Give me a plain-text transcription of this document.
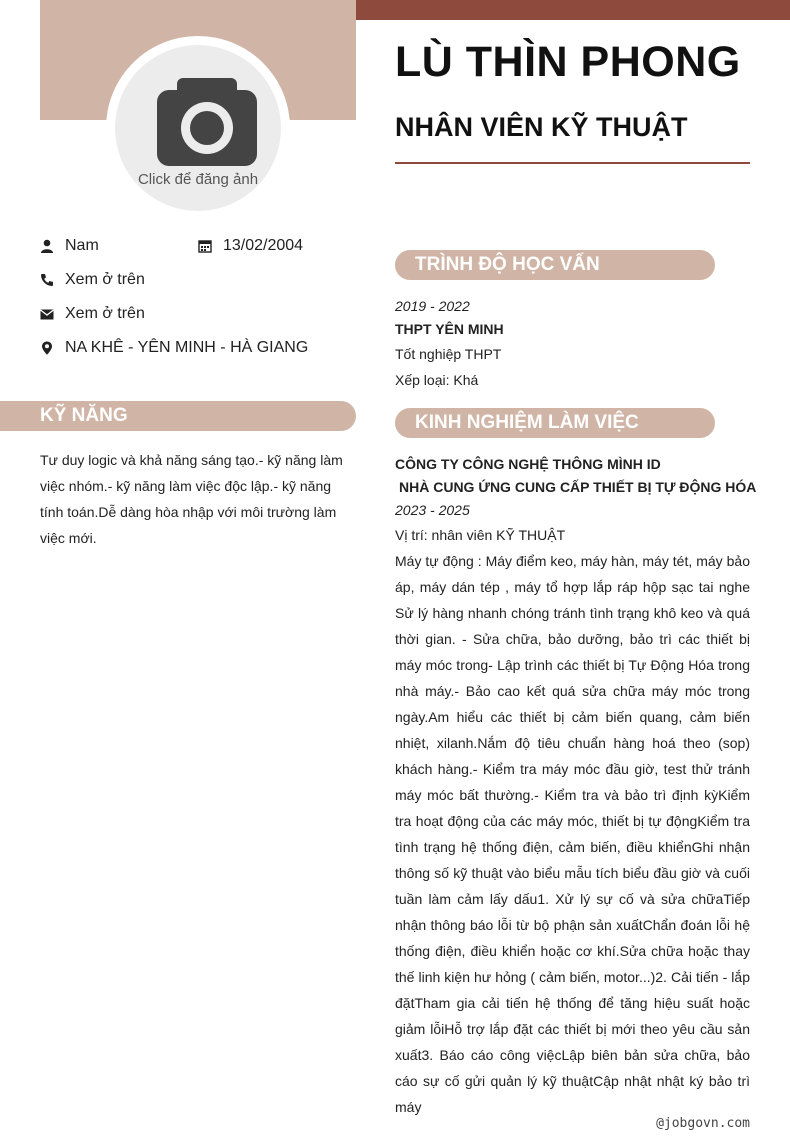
Click để đăng ảnh
LÙ THÌN PHONG
NHÂN VIÊN KỸ THUẬT
Nam	13/02/2004
Xem ở trên
Xem ở trên
NA KHÊ - YÊN MINH - HÀ GIANG
KỸ NĂNG
Tư duy logic và khả năng sáng tạo.- kỹ năng làm việc nhóm.- kỹ năng làm việc độc lập.- kỹ năng tính toán.Dễ dàng hòa nhập với môi trường làm việc mới.
TRÌNH ĐỘ HỌC VẤN
2019 - 2022
THPT YÊN MINH
Tốt nghiệp THPT
Xếp loại: Khá
KINH NGHIỆM LÀM VIỆC
CÔNG TY CÔNG NGHỆ THÔNG MÌNH ID
NHÀ CUNG ỨNG CUNG CẤP THIẾT BỊ TỰ ĐỘNG HÓA
2023 - 2025
Vị trí: nhân viên KỸ THUẬT
Máy tự động : Máy điểm keo, máy hàn, máy tét, máy bảo áp, máy dán tép , máy tổ hợp lắp ráp hộp sạc tai nghe Sử lý hàng nhanh chóng tránh tình trạng khô keo và quá thời gian. - Sửa chữa, bảo dưỡng, bảo trì các thiết bị máy móc trong- Lập trình các thiết bị Tự Động Hóa trong nhà máy.- Bảo cao kết quá sửa chữa máy móc trong ngày.Am hiểu các thiết bị cảm biến quang, cảm biến nhiệt, xilanh.Nắm độ tiêu chuẩn hàng hoá theo (sop) khách hàng.- Kiểm tra máy móc đầu giờ, test thử tránh máy móc bất thường.- Kiểm tra và bảo trì định kỳKiểm tra hoạt động của các máy móc, thiết bị tự độngKiểm tra tình trạng hệ thống điện, cảm biến, điều khiểnGhi nhận thông số kỹ thuật vào biểu mẫu tích biểu đầu giờ và cuối tuần làm cảm lấy dấu1. Xử lý sự cố và sửa chữaTiếp nhận thông báo lỗi từ bộ phận sản xuấtChẩn đoán lỗi hệ thống điện, điều khiển hoặc cơ khí.Sửa chữa hoặc thay thế linh kiện hư hỏng ( cảm biến, motor...)2. Cải tiến - lắp đặtTham gia cải tiến hệ thống để tăng hiệu suất hoặc giảm lỗiHỗ trợ lắp đặt các thiết bị mới theo yêu cầu sản xuất3. Báo cáo công việcLập biên bản sửa chữa, bảo cáo sự cố gửi quản lý kỹ thuậtCập nhật nhật ký bảo trì máy
@jobgovn.com
